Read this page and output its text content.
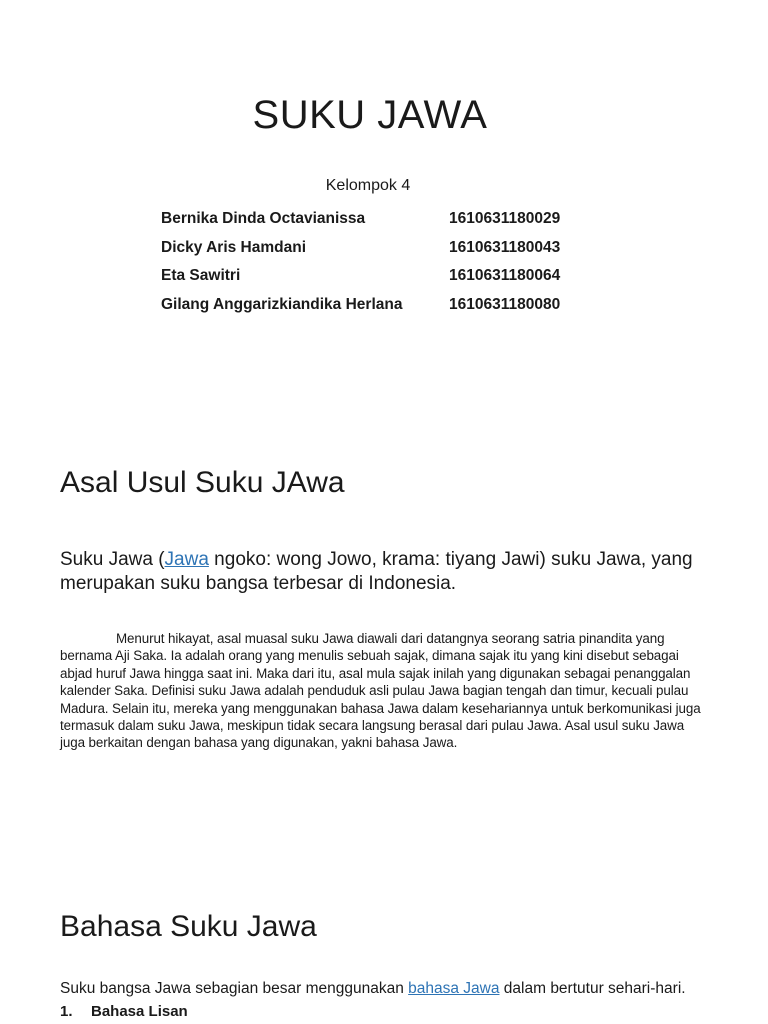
SUKU JAWA
Kelompok 4
Bernika Dinda Octavianissa	1610631180029
Dicky Aris Hamdani	1610631180043
Eta Sawitri	1610631180064
Gilang Anggarizkiandika Herlana	1610631180080
Asal Usul Suku JAwa

Suku Jawa (Jawa ngoko: wong Jowo, krama: tiyang Jawi) suku Jawa, yang merupakan suku bangsa terbesar di Indonesia.

Menurut hikayat, asal muasal suku Jawa diawali dari datangnya seorang satria pinandita yang bernama Aji Saka. Ia adalah orang yang menulis sebuah sajak, dimana sajak itu yang kini disebut sebagai abjad huruf Jawa hingga saat ini. Maka dari itu, asal mula sajak inilah yang digunakan sebagai penanggalan kalender Saka. Definisi suku Jawa adalah penduduk asli pulau Jawa bagian tengah dan timur, kecuali pulau Madura. Selain itu, mereka yang menggunakan bahasa Jawa dalam kesehariannya untuk berkomunikasi juga termasuk dalam suku Jawa, meskipun tidak secara langsung berasal dari pulau Jawa. Asal usul suku Jawa juga berkaitan dengan bahasa yang digunakan, yakni bahasa Jawa.

Bahasa Suku Jawa

Suku bangsa Jawa sebagian besar menggunakan bahasa Jawa dalam bertutur sehari-hari.

1. Bahasa Lisan
